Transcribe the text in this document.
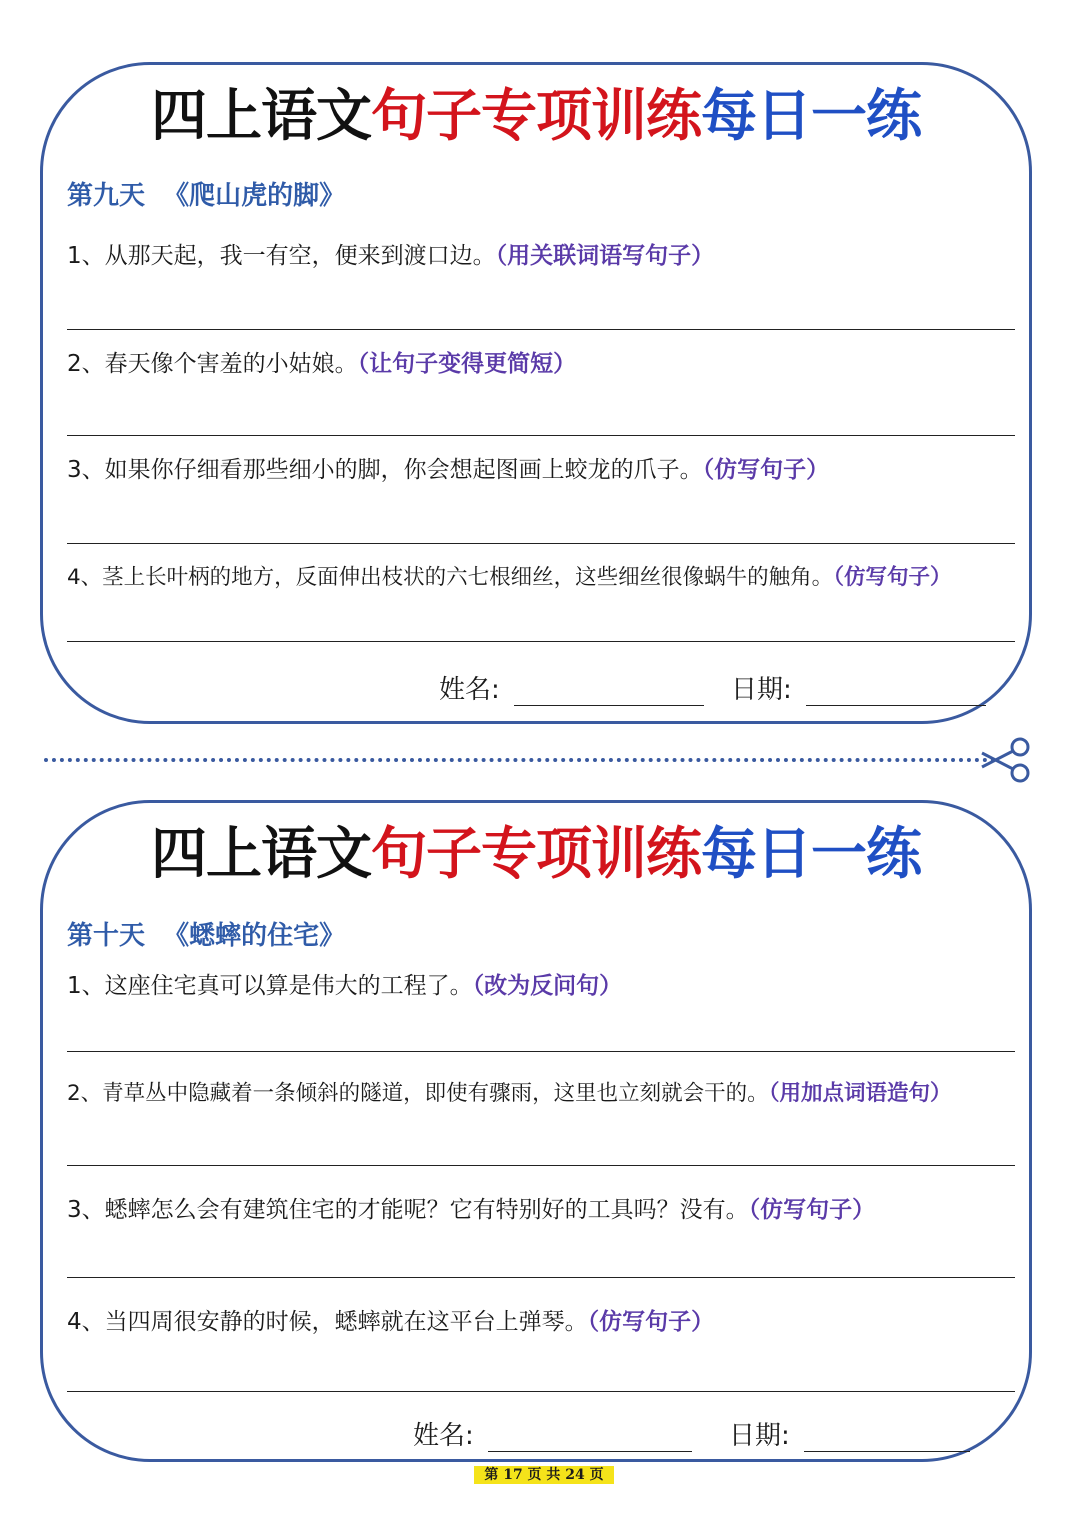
四上语文句子专项训练每日一练
第九天  《爬山虎的脚》
1、从那天起，我一有空，便来到渡口边。（用关联词语写句子）
2、春天像个害羞的小姑娘。（让句子变得更简短）
3、如果你仔细看那些细小的脚，你会想起图画上蛟龙的爪子。（仿写句子）
4、茎上长叶柄的地方，反面伸出枝状的六七根细丝，这些细丝很像蜗牛的触角。（仿写句子）
姓名:	日期:
四上语文句子专项训练每日一练
第十天  《蟋蟀的住宅》
1、这座住宅真可以算是伟大的工程了。（改为反问句）
2、青草丛中隐藏着一条倾斜的隧道，即使有骤雨，这里也立刻就会干的。（用加点词语造句）
3、蟋蟀怎么会有建筑住宅的才能呢？它有特别好的工具吗？没有。（仿写句子）
4、当四周很安静的时候，蟋蟀就在这平台上弹琴。（仿写句子）
姓名:	日期:
第 17 页 共 24 页
